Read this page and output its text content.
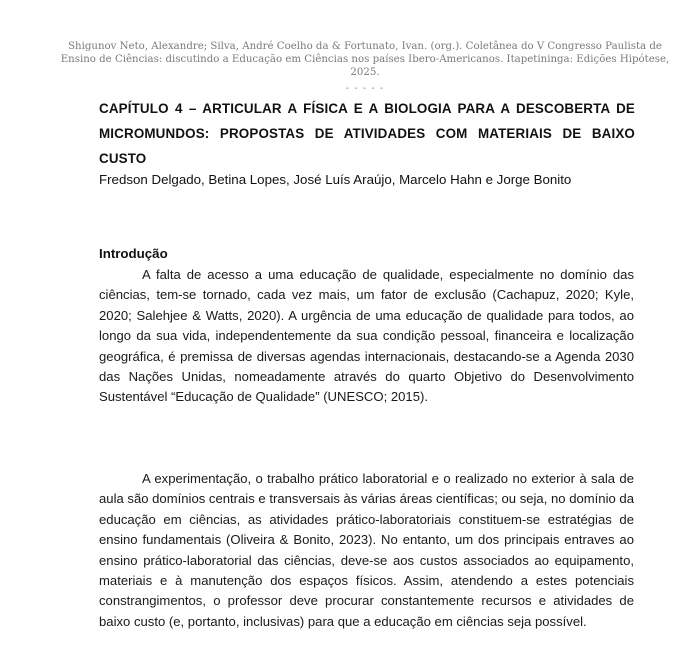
Shigunov Neto, Alexandre; Silva, André Coelho da & Fortunato, Ivan. (org.). Coletânea do V Congresso Paulista de Ensino de Ciências: discutindo a Educação em Ciências nos países Ibero-Americanos. Itapetininga: Edições Hipótese, 2025.
- - - - -
CAPÍTULO 4 – ARTICULAR A FÍSICA E A BIOLOGIA PARA A DESCOBERTA DE MICROMUNDOS: PROPOSTAS DE ATIVIDADES COM MATERIAIS DE BAIXO CUSTO
Fredson Delgado, Betina Lopes, José Luís Araújo, Marcelo Hahn e Jorge Bonito
Introdução

A falta de acesso a uma educação de qualidade, especialmente no domínio das ciências, tem-se tornado, cada vez mais, um fator de exclusão (Cachapuz, 2020; Kyle, 2020; Salehjee & Watts, 2020). A urgência de uma educação de qualidade para todos, ao longo da sua vida, independentemente da sua condição pessoal, financeira e localização geográfica, é premissa de diversas agendas internacionais, destacando-se a Agenda 2030 das Nações Unidas, nomeadamente através do quarto Objetivo do Desenvolvimento Sustentável “Educação de Qualidade” (UNESCO; 2015).

A experimentação, o trabalho prático laboratorial e o realizado no exterior à sala de aula são domínios centrais e transversais às várias áreas científicas; ou seja, no domínio da educação em ciências, as atividades prático-laboratoriais constituem-se estratégias de ensino fundamentais (Oliveira & Bonito, 2023). No entanto, um dos principais entraves ao ensino prático-laboratorial das ciências, deve-se aos custos associados ao equipamento, materiais e à manutenção dos espaços físicos. Assim, atendendo a estes potenciais constrangimentos, o professor deve procurar constantemente recursos e atividades de baixo custo (e, portanto, inclusivas) para que a educação em ciências seja possível.
